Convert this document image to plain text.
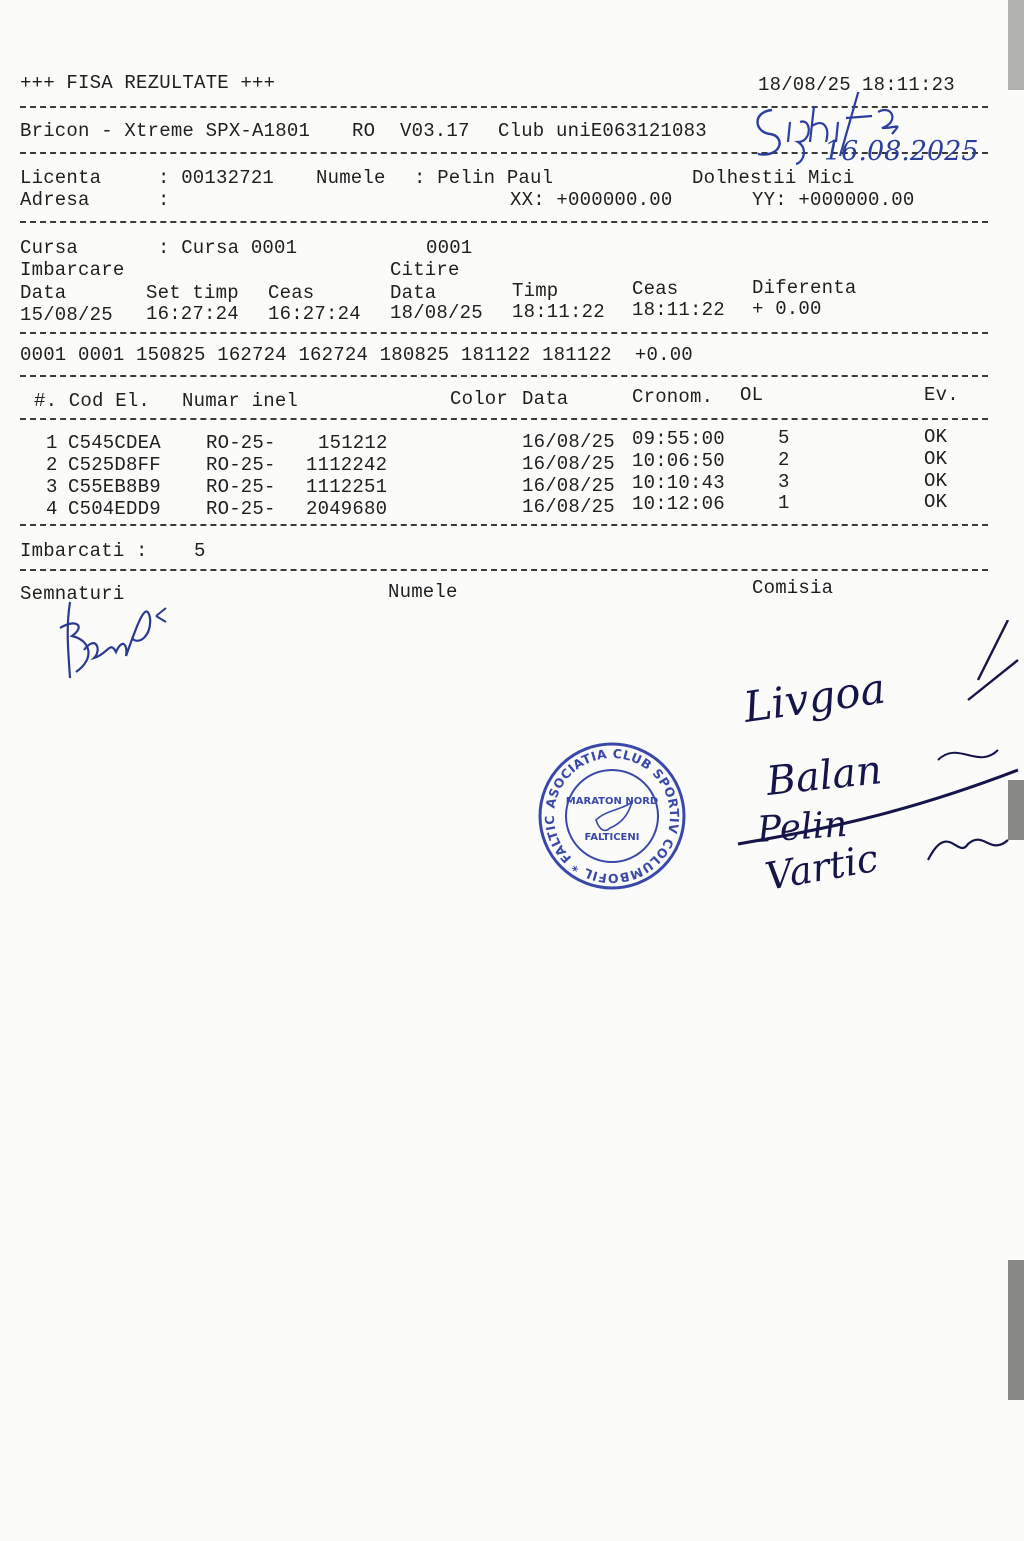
+++ FISA REZULTATE +++	18/08/25 18:11:23
Bricon - Xtreme SPX-A1801 RO V03.17 Club uniE063121083
Licenta	: 00132721 Numele : Pelin Paul	Dolhestii Mici
Adresa	:	XX: +000000.00	YY: +000000.00
Cursa	: Cursa 0001	0001
Imbarcare	Citire
Data	Set timp Ceas	Data	Timp	Ceas	Diferenta
15/08/25 16:27:24 16:27:24 18/08/25 18:11:22 18:11:22 + 0.00
0001 0001 150825 162724 162724 180825 181122 181122  +0.00
#. Cod El. Numar inel	Color Data	Cronom. OL	Ev.
1 C545CDEA RO-25- 151212	16/08/25 09:55:00	5	OK
2 C525D8FF RO-25- 1112242	16/08/25 10:06:50	2	OK
3 C55EB8B9 RO-25- 1112251	16/08/25 10:10:43	3	OK
4 C504EDD9 RO-25- 2049680	16/08/25 10:12:06	1	OK
Imbarcati : 5
Semnaturi	Numele	Comisia
16.08.2025
Livgoa
Balan
Pelin
Vartic
ASOCIATIA CLUB SPORTIV COLUMBOFIL * FALTIC
MARATON NORD
FALTICENI
